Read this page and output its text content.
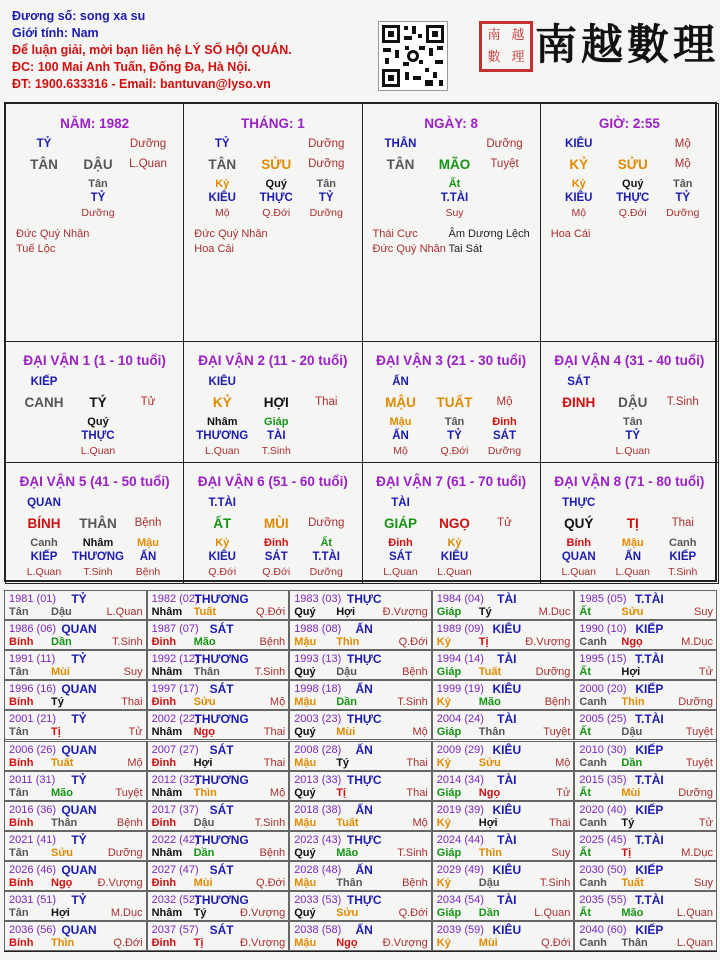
Đương số: song xa su
Giới tính: Nam
Để luận giải, mời bạn liên hệ LÝ SỐ HỘI QUÁN.
ĐC: 100 Mai Anh Tuấn, Đống Đa, Hà Nội.
ĐT: 1900.633316 - Email: bantuvan@lyso.vn
南 越
數 理 南越數理
NĂM: 1982
TỶ
TÂN DẬU
Dưỡng
L.Quan
Tân
TỶ
Dưỡng
Đức Quý Nhân
Tuế Lộc
THÁNG: 1
TỶ
TÂN SỬU
Dưỡng
Dưỡng
Kỷ
KIÊU
Mộ
Quý
THỰC
Q.Đới
Tân
TỶ
Dưỡng
Đức Quý Nhân
Hoa Cái
NGÀY: 8
THÂN
TÂN MÃO
Dưỡng
Tuyệt
Ất
T.TÀI
Suy
Thái Cực	Âm Dương Lệch
Đức Quý Nhân Tai Sát
GIỜ: 2:55
KIÊU
KỶ SỬU
Mộ
Mộ
Kỷ
KIÊU
Mộ
Quý
THỰC
Q.Đới
Tân
TỶ
Dưỡng
Hoa Cái
ĐẠI VẬN 1 (1 - 10 tuổi)
KIẾP
CANH TÝ	Tử
Quý
THỰC
L.Quan
ĐẠI VẬN 2 (11 - 20 tuổi)
KIÊU
KỶ HỢI Thai
Nhâm
THƯƠNG
L.Quan
Giáp
TÀI
T.Sinh
ĐẠI VẬN 3 (21 - 30 tuổi)
ẤN
MẬU TUẤT Mộ
Mậu
ẤN
Mộ
Tân
TỶ
Q.Đới
Đinh
SÁT
Dưỡng
ĐẠI VẬN 4 (31 - 40 tuổi)
SÁT
ĐINH DẬU T.Sinh
Tân
TỶ
L.Quan
ĐẠI VẬN 5 (41 - 50 tuổi)
QUAN
BÍNH THÂN Bệnh
Canh
KIẾP
L.Quan
Nhâm
THƯƠNG
T.Sinh
Mậu
ẤN
Bệnh
ĐẠI VẬN 6 (51 - 60 tuổi)
T.TÀI
ẤT MÙI Dưỡng
Kỷ
KIÊU
Q.Đới
Đinh
SÁT
Q.Đới
Ất
T.TÀI
Dưỡng
ĐẠI VẬN 7 (61 - 70 tuổi)
TÀI
GIÁP NGỌ Tử
Đinh
SÁT
L.Quan
Kỷ
KIÊU
L.Quan
ĐẠI VẬN 8 (71 - 80 tuổi)
THỰC
QUÝ TỊ	Thai
Bính
QUAN
L.Quan
Mậu
ẤN
L.Quan
Canh
KIẾP
T.Sinh
1981 (01) TỶ
Tân Dậu	L.Quan
1982 (02)
THƯƠNG
Nhâm Tuất	Q.Đới
1983 (03) THỰC
Quý Hợi	Đ.Vượng
1984 (04) TÀI
Giáp Tý	M.Dục
1985 (05) T.TÀI
Ất	Sửu	Suy
1986 (06) QUAN
Bính Dần	T.Sinh
1987 (07) SÁT
Đinh Mão	Bệnh
1988 (08) ẤN
Mậu Thìn	Q.Đới
1989 (09) KIÊU
Kỷ	Tị	Đ.Vượng
1990 (10) KIẾP
Canh Ngọ	M.Dục
1991 (11) TỶ
Tân Mùi	Suy
1992 (12)
THƯƠNG
Nhâm Thân	T.Sinh
1993 (13) THỰC
Quý Dậu	Bệnh
1994 (14) TÀI
Giáp Tuất	Dưỡng
1995 (15) T.TÀI
Ất	Hợi	Tử
1996 (16) QUAN
Bính Tý	Thai
1997 (17) SÁT
Đinh Sửu	Mộ
1998 (18) ẤN
Mậu Dần	T.Sinh
1999 (19) KIÊU
Kỷ	Mão	Bệnh
2000 (20) KIẾP
Canh Thìn	Dưỡng
2001 (21) TỶ
Tân Tị	Tử
2002 (22)
THƯƠNG
Nhâm Ngọ	Thai
2003 (23) THỰC
Quý Mùi	Mộ
2004 (24) TÀI
Giáp Thân	Tuyệt
2005 (25) T.TÀI
Ất	Dậu	Tuyệt
2006 (26) QUAN
Bính Tuất	Mộ
2007 (27) SÁT
Đinh Hợi	Thai
2008 (28) ẤN
Mậu Tý	Thai
2009 (29) KIÊU
Kỷ	Sửu	Mộ
2010 (30) KIẾP
Canh Dần	Tuyệt
2011 (31) TỶ
Tân Mão	Tuyệt
2012 (32)
THƯƠNG
Nhâm Thìn	Mộ
2013 (33) THỰC
Quý Tị	Thai
2014 (34) TÀI
Giáp Ngọ	Tử
2015 (35) T.TÀI
Ất	Mùi	Dưỡng
2016 (36) QUAN
Bính Thân	Bệnh
2017 (37) SÁT
Đinh Dậu	T.Sinh
2018 (38) ẤN
Mậu Tuất	Mộ
2019 (39) KIÊU
Kỷ	Hợi	Thai
2020 (40) KIẾP
Canh Tý	Tử
2021 (41) TỶ
Tân Sửu	Dưỡng
2022 (42)
THƯƠNG
Nhâm Dần	Bệnh
2023 (43) THỰC
Quý Mão	T.Sinh
2024 (44) TÀI
Giáp Thìn	Suy
2025 (45) T.TÀI
Ất	Tị	M.Dục
2026 (46) QUAN
Bính Ngọ Đ.Vượng
2027 (47) SÁT
Đinh Mùi	Q.Đới
2028 (48) ẤN
Mậu Thân	Bệnh
2029 (49) KIÊU
Kỷ	Dậu	T.Sinh
2030 (50) KIẾP
Canh Tuất	Suy
2031 (51) TỶ
Tân Hợi	M.Dục
2032 (52)
THƯƠNG
Nhâm Tý	Đ.Vượng
2033 (53) THỰC
Quý Sửu	Q.Đới
2034 (54) TÀI
Giáp Dần	L.Quan
2035 (55) T.TÀI
Ất	Mão	L.Quan
2036 (56) QUAN
Bính Thìn	Q.Đới
2037 (57) SÁT
Đinh Tị	Đ.Vượng
2038 (58) ẤN
Mậu Ngọ Đ.Vượng
2039 (59) KIÊU
Kỷ	Mùi	Q.Đới
2040 (60) KIẾP
Canh Thân	L.Quan
